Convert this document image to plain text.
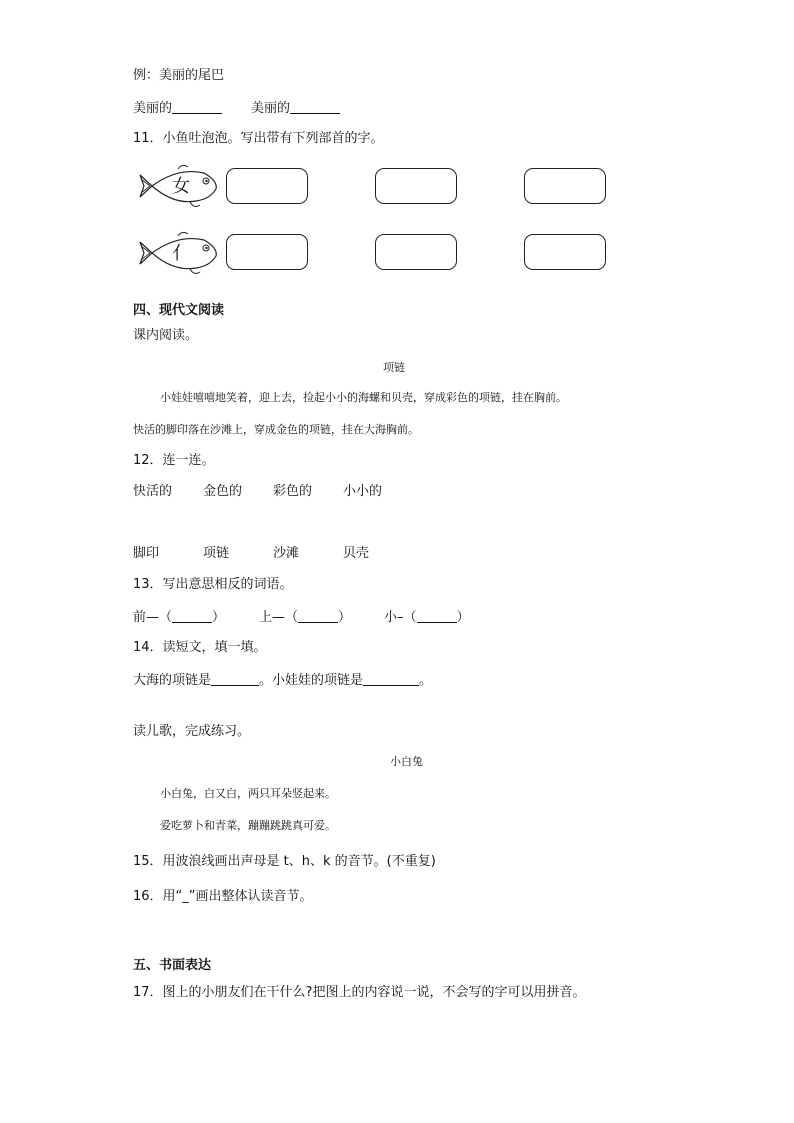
例：美丽的尾巴
美丽的	美丽的
11．小鱼吐泡泡。写出带有下列部首的字。
女
亻
四、现代文阅读
课内阅读。
项链
小娃娃嘻嘻地笑着，迎上去，捡起小小的海螺和贝壳，穿成彩色的项链，挂在胸前。
快活的脚印落在沙滩上，穿成金色的项链，挂在大海胸前。
12．连一连。
快活的 金色的 彩色的 小小的
脚印	项链	沙滩	贝壳
13．写出意思相反的词语。
前—（	）	上—（	）	小–（	）
14．读短文，填一填。
大海的项链是	。小娃娃的项链是	。
读儿歌，完成练习。
小白兔
小白兔，白又白，两只耳朵竖起来。
爱吃萝卜和青菜，蹦蹦跳跳真可爱。
15．用波浪线画出声母是 t、h、k 的音节。(不重复)
16．用“_”画出整体认读音节。
五、书面表达
17．图上的小朋友们在干什么?把图上的内容说一说，不会写的字可以用拼音。
